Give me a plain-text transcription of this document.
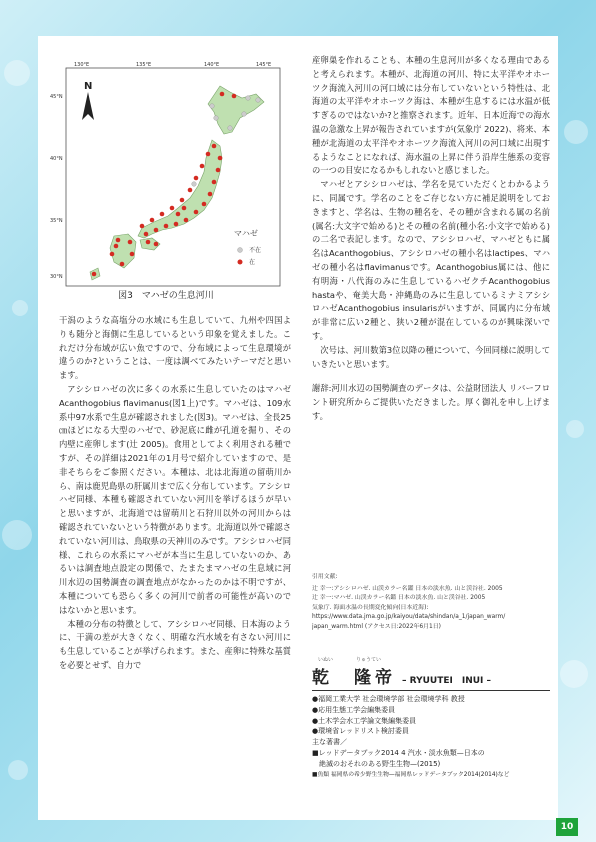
130°E	135°E	140°E	145°E
45°N
40°N
35°N
30°N
N
マハゼ
不在
在
図3　マハゼの生息河川

干潟のような高塩分の水域にも生息していて、九州や四国よりも随分と海側に生息しているという印象を覚えました。これだけ分布域が広い魚ですので、分布域によって生息環境が違うのか?ということは、一度は調べてみたいテーマだと思います。

アシシロハゼの次に多くの水系に生息していたのはマハゼAcanthogobius flavimanus(図1上)です。マハゼは、109水系中97水系で生息が確認されました(図3)。マハゼは、全長25㎝ほどになる大型のハゼで、砂泥底に雌が孔道を掘り、その内壁に産卵します(辻 2005)。食用としてよく利用される種ですが、その詳細は2021年の1月号で紹介していますので、是非そちらをご参照ください。本種は、北は北海道の留萌川から、南は鹿児島県の肝属川まで広く分布しています。アシシロハゼ同様、本種も確認されていない河川を挙げるほうが早いと思いますが、北海道では留萌川と石狩川以外の河川からは確認されていないという特徴があります。北海道以外で確認されていない河川は、鳥取県の天神川のみです。アシシロハゼ同様、これらの水系にマハゼが本当に生息していないのか、あるいは調査地点設定の関係で、たまたまマハゼの生息域に河川水辺の国勢調査の調査地点がなかったのかは不明ですが、本種についても恐らく多くの河川で前者の可能性が高いのではないかと思います。

本種の分布の特徴として、アシシロハゼ同様、日本海のように、干満の差が大きくなく、明確な汽水域を有さない河川にも生息していることが挙げられます。また、産卵に特殊な基質を必要とせず、自力で

産卵巣を作れることも、本種の生息河川が多くなる理由であると考えられます。本種が、北海道の河川、特に太平洋やオホーツク海流入河川の河口域には分布していないという特性は、北海道の太平洋やオホーツク海は、本種が生息するには水温が低すぎるのではないか?と推察されます。近年、日本近海での海水温の急激な上昇が報告されていますが(気象庁 2022)、将来、本種が北海道の太平洋やオホーツク海流入河川の河口域に出現するようなことになれば、海水温の上昇に伴う沿岸生態系の変容の一つの目安になるかもしれないと感じました。

マハゼとアシシロハゼは、学名を見ていただくとわかるように、同属です。学名のことをご存じない方に補足説明をしておきますと、学名は、生物の種名を、その種が含まれる属の名前(属名:大文字で始める)とその種の名前(種小名:小文字で始める)の二名で表記します。なので、アシシロハゼ、マハゼともに属名はAcanthogobius、アシシロハゼの種小名はlactipes、マハゼの種小名はflavimanusです。Acanthogobius属には、他に有明海・八代海のみに生息しているハゼクチAcanthogobius hastaや、奄美大島・沖縄島のみに生息しているミナミアシシロハゼAcanthogobius insularisがいますが、同属内に分布域が非常に広い2種と、狭い2種が混在しているのが興味深いです。

次号は、河川数第3位以降の種について、今回同様に説明していきたいと思います。

謝辞:河川水辺の国勢調査のデータは、公益財団法人 リバーフロント研究所からご提供いただきました。厚く御礼を申し上げます。

引用文献:
辻 幸一:アシシロハゼ. 山渓カラー名鑑 日本の淡水魚. 山と渓谷社. 2005
辻 幸一:マハゼ. 山渓カラー名鑑 日本の淡水魚. 山と渓谷社. 2005
気象庁. 海面水温の長期変化傾向(日本近海):
https://www.data.jma.go.jp/kaiyou/data/shindan/a_1/japan_warm/
japan_warm.html (アクセス日:2022年6月1日)
いぬい	りゅうてい
乾　隆帝 – RYUUTEI　INUI –
●福岡工業大学 社会環境学部 社会環境学科 教授
●応用生態工学会編集委員
●土木学会水工学論文集編集委員
●環境省レッドリスト検討委員
主な著書／
■レッドデータブック2014 4 汽水・淡水魚類—日本の
　絶滅のおそれのある野生生物—(2015)
■魚類 福岡県の希少野生生物—福岡県レッドデータブック2014(2014)など
10
